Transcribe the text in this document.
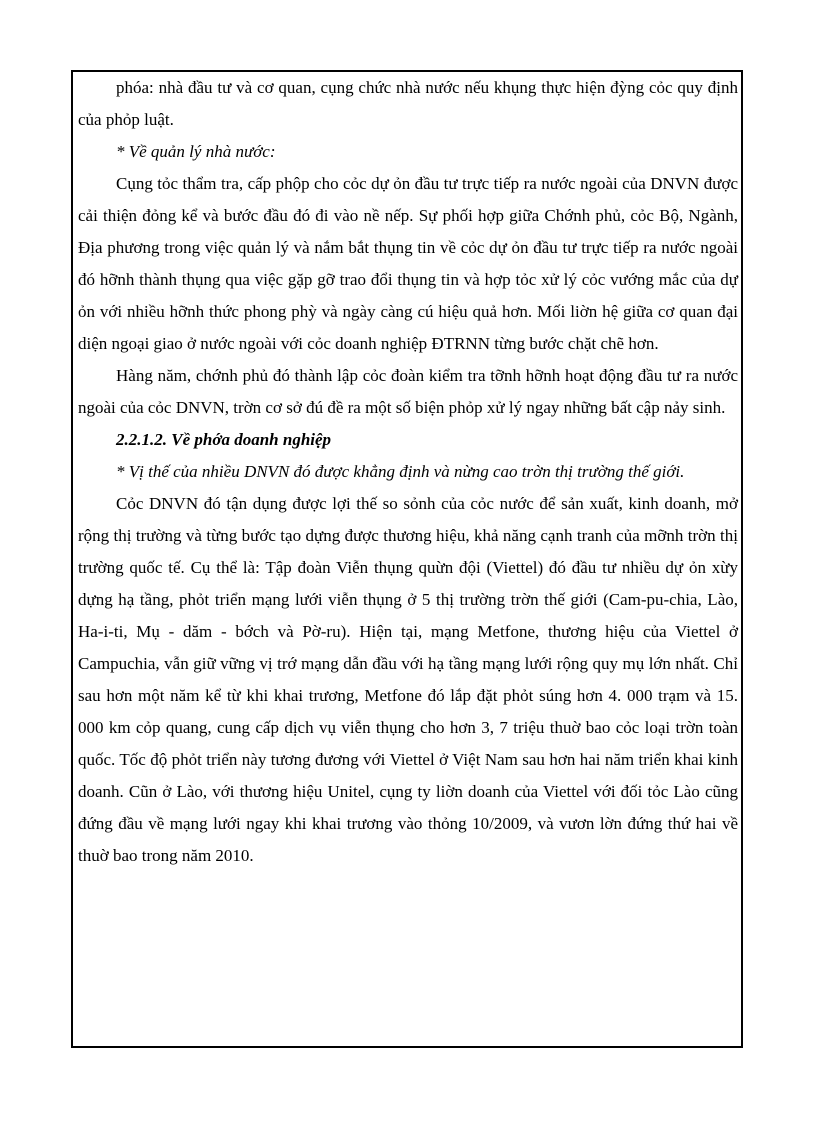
phóa: nhà đầu tư và cơ quan, cụng chức nhà nước nếu khụng thực hiện đỳng cỏc quy định của phỏp luật.

* Về quản lý nhà nước:

Cụng tỏc thẩm tra, cấp phộp cho cỏc dự ỏn đầu tư trực tiếp ra nước ngoài của DNVN được cải thiện đỏng kể và bước đầu đó đi vào nề nếp. Sự phối hợp giữa Chớnh phủ, cỏc Bộ, Ngành, Địa phương trong việc quản lý và nắm bắt thụng tin về cỏc dự ỏn đầu tư trực tiếp ra nước ngoài đó hỡnh thành thụng qua việc gặp gỡ trao đổi thụng tin và hợp tỏc xử lý cỏc vướng mắc của dự ỏn với nhiều hỡnh thức phong phỳ và ngày càng cú hiệu quả hơn. Mối liờn hệ giữa cơ quan đại diện ngoại giao ở nước ngoài với cỏc doanh nghiệp ĐTRNN từng bước chặt chẽ hơn.

Hàng năm, chớnh phủ đó thành lập cỏc đoàn kiểm tra tỡnh hỡnh hoạt động đầu tư ra nước ngoài của cỏc DNVN, trờn cơ sở đú đề ra một số biện phỏp xử lý ngay những bất cập nảy sinh.

2.2.1.2. Về phớa doanh nghiệp

* Vị thế của nhiều DNVN đó được khẳng định và nừng cao trờn thị trường thế giới.

Cỏc DNVN đó tận dụng được lợi thế so sỏnh của cỏc nước để sản xuất, kinh doanh, mở rộng thị trường và từng bước tạo dựng được thương hiệu, khả năng cạnh tranh của mỡnh trờn thị trường quốc tế. Cụ thể là: Tập đoàn Viễn thụng quừn đội (Viettel) đó đầu tư nhiều dự ỏn xừy dựng hạ tầng, phỏt triển mạng lưới viễn thụng ở 5 thị trường trờn thế giới (Cam-pu-chia, Lào, Ha-i-ti, Mụ - dăm - bớch và Pờ-ru). Hiện tại, mạng Metfone, thương hiệu của Viettel ở Campuchia, vẫn giữ vững vị trớ mạng dẫn đầu với hạ tầng mạng lưới rộng quy mụ lớn nhất. Chỉ sau hơn một năm kể từ khi khai trương, Metfone đó lắp đặt phỏt súng hơn 4. 000 trạm và 15. 000 km cỏp quang, cung cấp dịch vụ viễn thụng cho hơn 3, 7 triệu thuờ bao cỏc loại trờn toàn quốc. Tốc độ phỏt triển này tương đương với Viettel ở Việt Nam sau hơn hai năm triển khai kinh doanh. Cũn ở Lào, với thương hiệu Unitel, cụng ty liờn doanh của Viettel với đối tỏc Lào cũng đứng đầu về mạng lưới ngay khi khai trương vào thỏng 10/2009, và vươn lờn đứng thứ hai về thuờ bao trong năm 2010.
